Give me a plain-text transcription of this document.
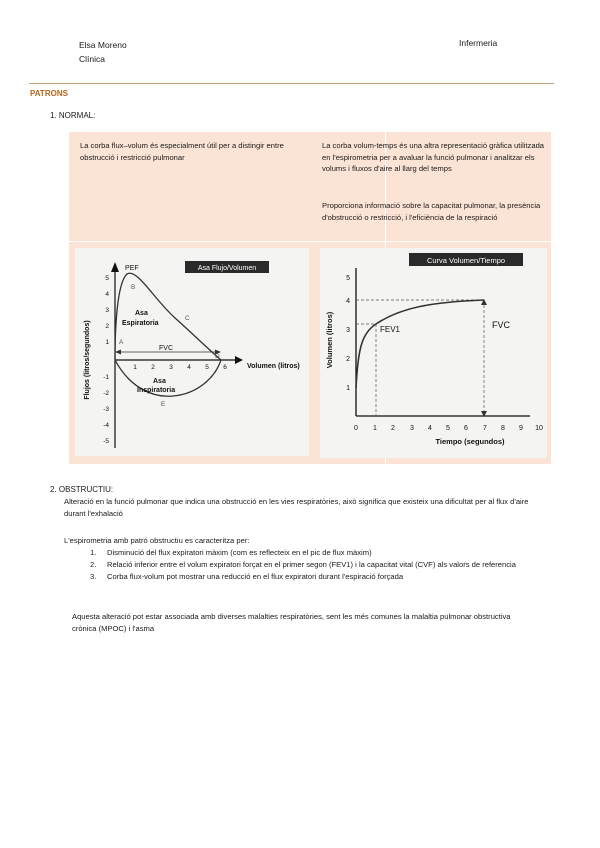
Elsa Moreno
Clínica
Infermeria
PATRONS
1. NORMAL:
La corba flux–volum és especialment útil per a distingir entre obstrucció i restricció pulmonar
La corba volum-temps és una altra representació gràfica utilitzada en l'espirometria per a avaluar la funció pulmonar i analitzar els volums i fluxos d'aire al llarg del temps
Proporciona informació sobre la capacitat pulmonar, la presència d'obstrucció o restricció, i l'eficiència de la respiració
Asa Flujo/Volumen
5
4
3
2
1
-1
-2
-3
-4
-5
1 2 3 4 5 6
Flujos (litros/segundos)	Volumen (litros)
FVC
PEF
B
A
C
D
E
Asa
Espiratoria
Asa
Inspiratoria
Curva Volumen/Tiempo
FVC
FEV1
5
4
3
2
1
0 1 2 3 4 5 6 7 8 9 10
Volumen (litros)
Tiempo (segundos)
2. OBSTRUCTIU:
Alteració en la funció pulmonar que indica una obstrucció en les vies respiratòries, això significa que existeix una dificultat per al flux d'aire durant l'exhalació
L'espirometria amb patró obstructiu es caracteritza per:
1. Disminució del flux expiratori màxim (com es reflecteix en el pic de flux màxim)
2. Relació inferior entre el volum expiratori forçat en el primer segon (FEV1) i la capacitat vital (CVF) als valors de referencia
3. Corba flux-volum pot mostrar una reducció en el flux expiratori durant l'espiració forçada
Aquesta alteració pot estar associada amb diverses malalties respiratòries, sent les més comunes la malaltia pulmonar obstructiva crònica (MPOC) i l'asma
